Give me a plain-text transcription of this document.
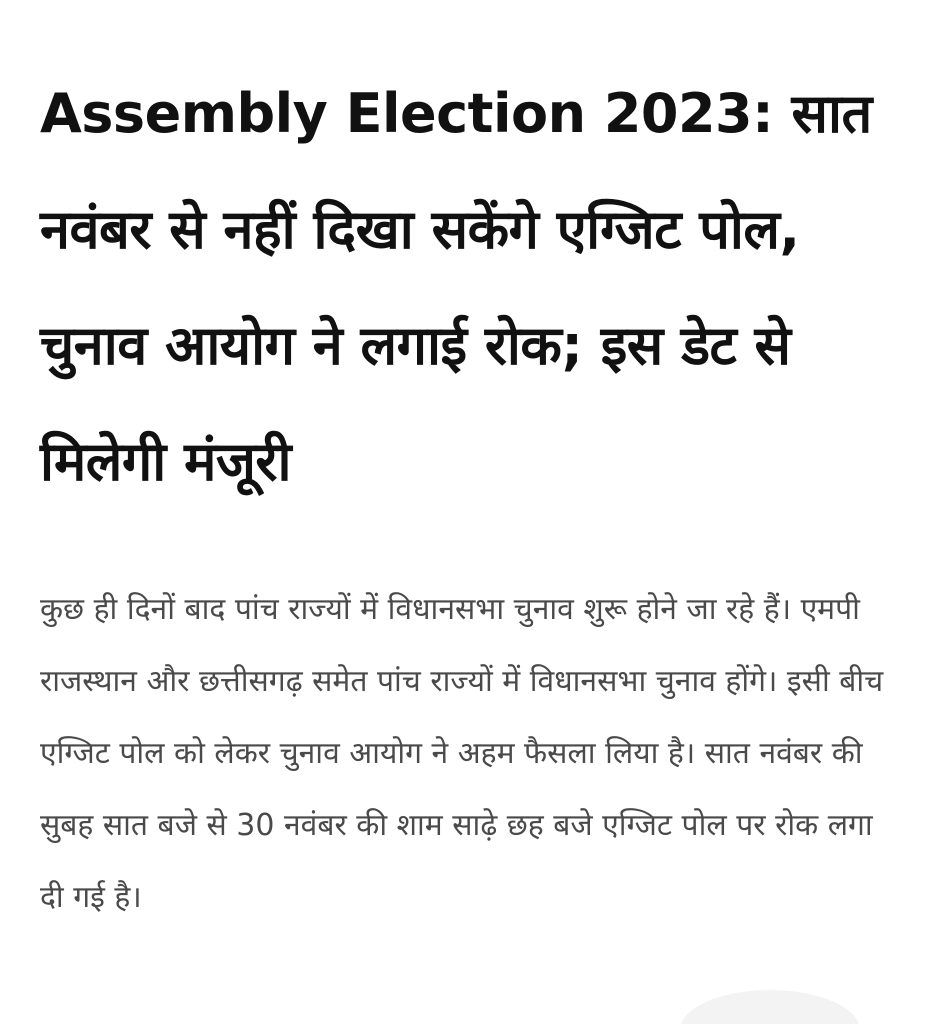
Assembly Election 2023: सात नवंबर से नहीं दिखा सकेंगे एग्जिट पोल, चुनाव आयोग ने लगाई रोक; इस डेट से मिलेगी मंजूरी

कुछ ही दिनों बाद पांच राज्यों में विधानसभा चुनाव शुरू होने जा रहे हैं। एमपी राजस्थान और छत्तीसगढ़ समेत पांच राज्यों में विधानसभा चुनाव होंगे। इसी बीच एग्जिट पोल को लेकर चुनाव आयोग ने अहम फैसला लिया है। सात नवंबर की सुबह सात बजे से 30 नवंबर की शाम साढ़े छह बजे एग्जिट पोल पर रोक लगा दी गई है।
